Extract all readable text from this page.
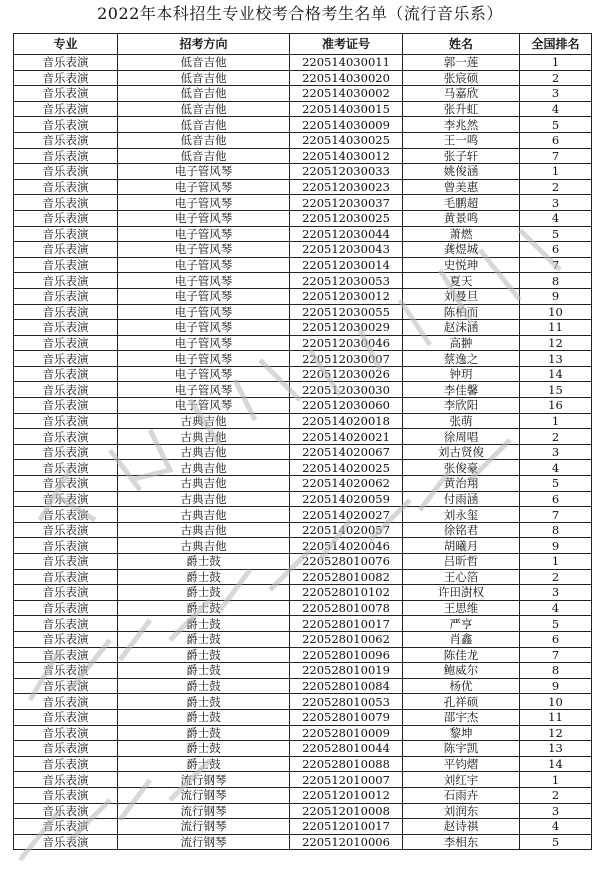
2022年本科招生专业校考合格考生名单（流行音乐系）
专业	招考方向	准考证号	姓名	全国排名
音乐表演	低音吉他	220514030011	郭一莲	1
音乐表演	低音吉他	220514030020	张宸硕	2
音乐表演	低音吉他	220514030002	马嘉欣	3
音乐表演	低音吉他	220514030015	张升虹	4
音乐表演	低音吉他	220514030009	李兆然	5
音乐表演	低音吉他	220514030025	王一鸣	6
音乐表演	低音吉他	220514030012	张子轩	7
音乐表演	电子管风琴	220512030033	姚俊涵	1
音乐表演	电子管风琴	220512030023	曾美惠	2
音乐表演	电子管风琴	220512030037	毛鹏超	3
音乐表演	电子管风琴	220512030025	黄景鸣	4
音乐表演	电子管风琴	220512030044	萧燃	5
音乐表演	电子管风琴	220512030043	龚煜城	6
音乐表演	电子管风琴	220512030014	史悦珅	7
音乐表演	电子管风琴	220512030053	夏天	8
音乐表演	电子管风琴	220512030012	刘曼旦	9
音乐表演	电子管风琴	220512030055	陈柏而	10
音乐表演	电子管风琴	220512030029	赵沫涵	11
音乐表演	电子管风琴	220512030046	高翀	12
音乐表演	电子管风琴	220512030007	蔡逸之	13
音乐表演	电子管风琴	220512030026	钟玥	14
音乐表演	电子管风琴	220512030030	李佳馨	15
音乐表演	电子管风琴	220512030060	李欣阳	16
音乐表演	古典吉他	220514020018	张萌	1
音乐表演	古典吉他	220514020021	徐周唱	2
音乐表演	古典吉他	220514020067	刘古贤俊	3
音乐表演	古典吉他	220514020025	张俊豪	4
音乐表演	古典吉他	220514020062	黄治翔	5
音乐表演	古典吉他	220514020059	付雨涵	6
音乐表演	古典吉他	220514020027	刘永玺	7
音乐表演	古典吉他	220514020057	徐铭君	8
音乐表演	古典吉他	220514020046	胡曦月	9
音乐表演	爵士鼓	220528010076	吕昕哲	1
音乐表演	爵士鼓	220528010082	王心箔	2
音乐表演	爵士鼓	220528010102	许田澍权	3
音乐表演	爵士鼓	220528010078	王思维	4
音乐表演	爵士鼓	220528010017	严亨	5
音乐表演	爵士鼓	220528010062	肖鑫	6
音乐表演	爵士鼓	220528010096	陈佳龙	7
音乐表演	爵士鼓	220528010019	鲍威尔	8
音乐表演	爵士鼓	220528010084	杨优	9
音乐表演	爵士鼓	220528010053	孔祥硕	10
音乐表演	爵士鼓	220528010079	邵宇杰	11
音乐表演	爵士鼓	220528010009	黎坤	12
音乐表演	爵士鼓	220528010044	陈宇凯	13
音乐表演	爵士鼓	220528010088	平钧熠	14
音乐表演	流行钢琴	220512010007	刘红宇	1
音乐表演	流行钢琴	220512010012	石雨卉	2
音乐表演	流行钢琴	220512010008	刘润东	3
音乐表演	流行钢琴	220512010017	赵诗祺	4
音乐表演	流行钢琴	220512010006	李相东	5
